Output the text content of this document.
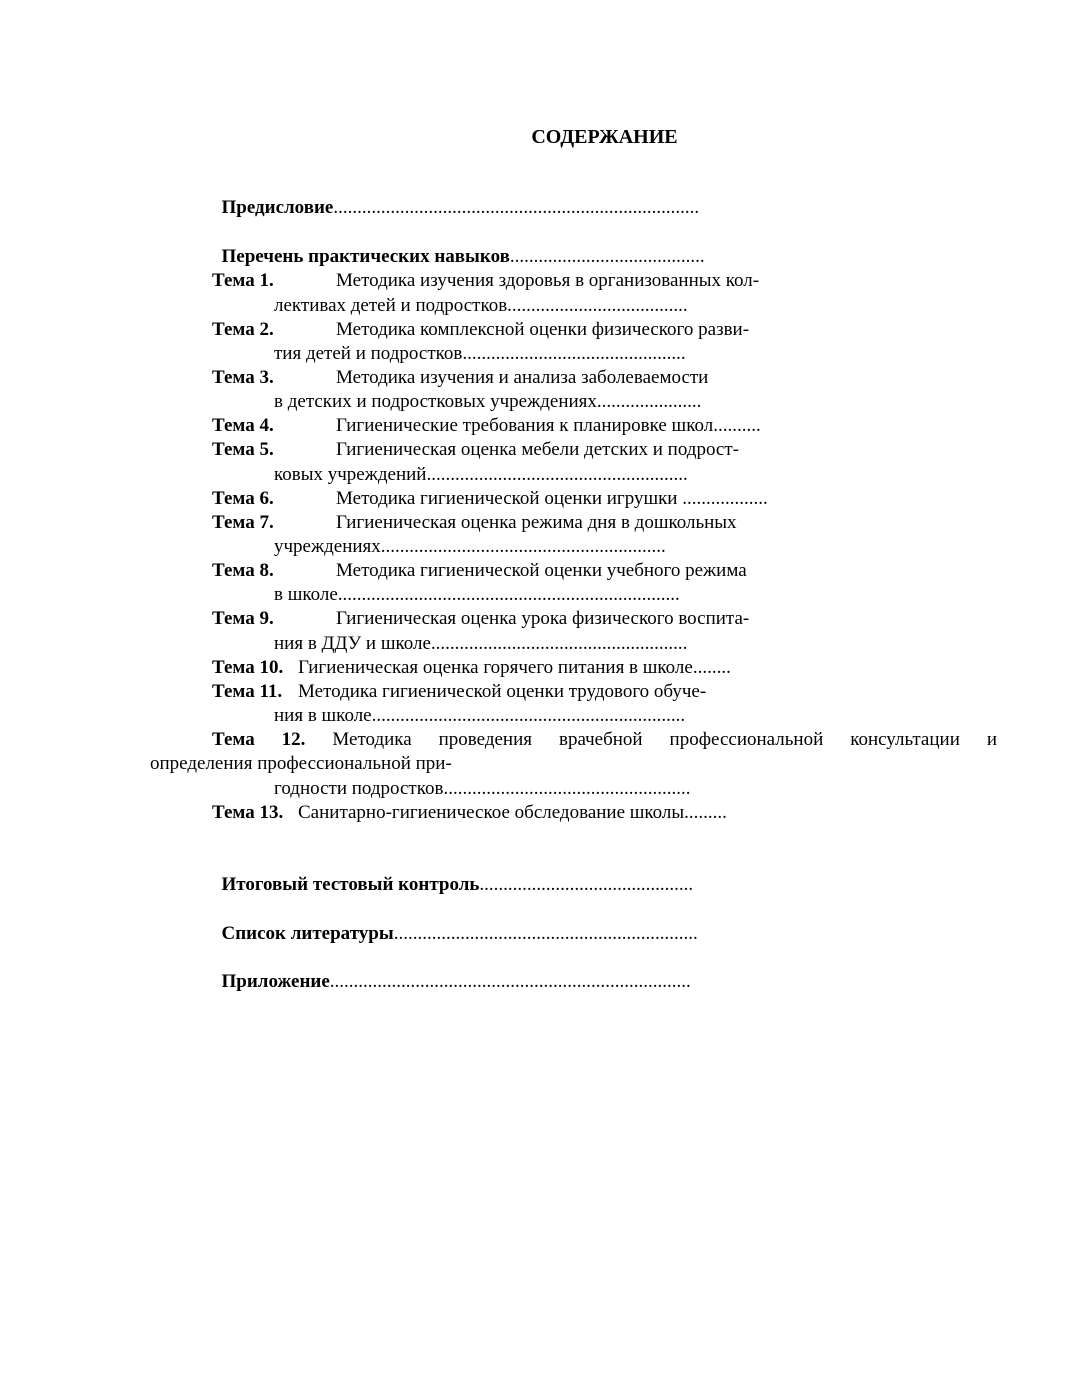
СОДЕРЖАНИЕ

Предисловие.............................................................................

Перечень практических навыков.........................................

Тема 1.	Методика изучения здоровья в организованных кол-
лективах детей и подростков......................................
Тема 2.	Методика комплексной оценки физического разви-
тия детей и подростков...............................................
Тема 3.	Методика изучения и анализа заболеваемости
в детских и подростковых учреждениях......................
Тема 4.	Гигиенические требования к планировке школ..........
Тема 5.	Гигиеническая оценка мебели детских и подрост-
ковых учреждений.......................................................
Тема 6.	Методика гигиенической оценки игрушки ..................
Тема 7.	Гигиеническая оценка режима дня в дошкольных
учреждениях............................................................
Тема 8.	Методика гигиенической оценки учебного режима
в школе........................................................................
Тема 9.	Гигиеническая оценка урока физического воспита-
ния в ДДУ и школе......................................................
Тема 10. Гигиеническая оценка горячего питания в школе........
Тема 11. Методика гигиенической оценки трудового обуче-
ния в школе..................................................................
Тема 12. Методика проведения врачебной профессиональной консультации и
определения профессиональной при-
годности подростков....................................................
Тема 13. Санитарно-гигиеническое обследование школы.........

Итоговый тестовый контроль.............................................

Список литературы................................................................

Приложение............................................................................
